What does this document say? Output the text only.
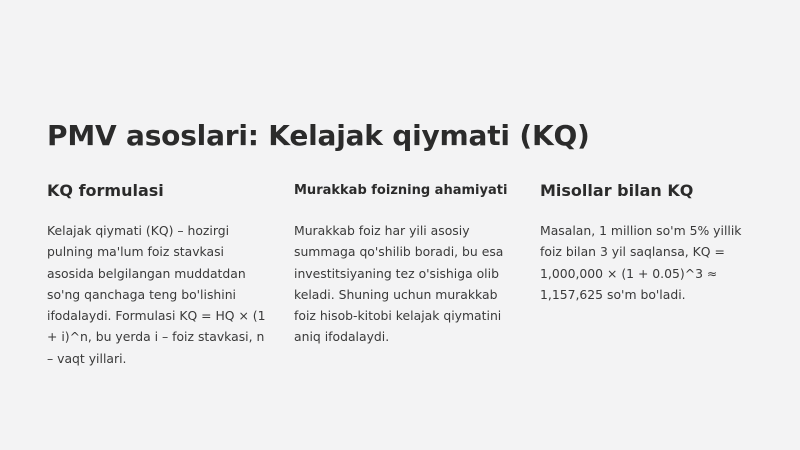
PMV asoslari: Kelajak qiymati (KQ)
KQ formulasi
Kelajak qiymati (KQ) – hozirgi
pulning ma'lum foiz stavkasi
asosida belgilangan muddatdan
so'ng qanchaga teng bo'lishini
ifodalaydi. Formulasi KQ = HQ × (1
+ i)^n, bu yerda i – foiz stavkasi, n
– vaqt yillari.
Murakkab foizning ahamiyati
Murakkab foiz har yili asosiy
summaga qo'shilib boradi, bu esa
investitsiyaning tez o'sishiga olib
keladi. Shuning uchun murakkab
foiz hisob-kitobi kelajak qiymatini
aniq ifodalaydi.
Misollar bilan KQ
Masalan, 1 million so'm 5% yillik
foiz bilan 3 yil saqlansa, KQ =
1,000,000 × (1 + 0.05)^3 ≈
1,157,625 so'm bo'ladi.
